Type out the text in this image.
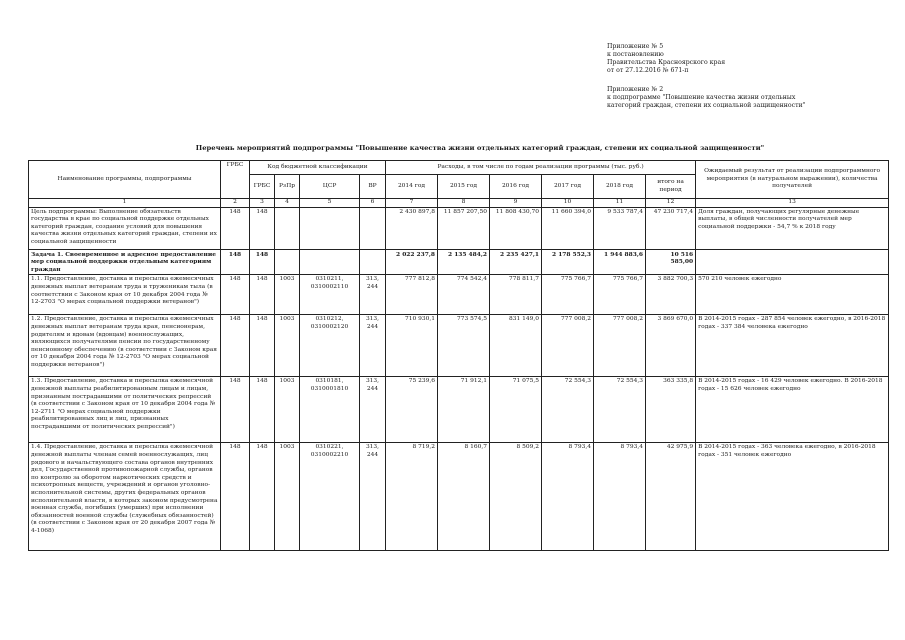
Приложение № 5
к постановлению
Правительства Красноярского края
от от 27.12.2016 № 671-п
Приложение № 2
к подпрограмме "Повышение качества жизни отдельных
категорий граждан, степени их социальной защищенности"
Перечень мероприятий подпрограммы "Повышение качества жизни отдельных категорий граждан, степени их социальной защищенности"
Наименование программы, подпрограммы	ГРБС	Код бюджетной классификации				Расходы, в том числе по годам реализации программы (тыс. руб.)						Ожидаемый результат от реализации подпрограммного мероприятия (в натуральном выражении), количества получателей
		ГРБС	РзПр	ЦСР	ВР	2014 год	2015 год	2016 год	2017 год	2018 год	итого на период	
1	2	3	4	5	6	7	8	9	10	11	12	13
Цель подпрограммы: Выполнение обязательств государства в крае по социальной поддержке отдельных категорий граждан, создание условий для повышения качества жизни отдельных категорий граждан, степени их социальной защищенности	148	148				2 430 897,8	11 857 207,50	11 808 430,70	11 660 394,0	9 533 787,4	47 230 717,4	Доля граждан, получающих регулярные денежные выплаты, в общей численности получателей мер социальной поддержки - 54,7 % к 2018 году
Задача 1. Своевременное и адресное предоставление мер социальной поддержки отдельным категориям граждан	148	148				2 022 237,8	2 135 484,2	2 235 427,1	2 178 552,3	1 944 883,6	10 516 585,00	
1.1. Предоставление, доставка и пересылка ежемесячных денежных выплат ветеранам труда и труженикам тыла (в соответствии с Законом края от 10 декабря 2004 года № 12-2703 "О мерах социальной поддержки ветеранов")	148	148	1003	0310211, 0310002110	313, 244	777 812,8	774 542,4	778 811,7	775 766,7	775 766,7	3 882 700,3	570 210 человек ежегодно
1.2. Предоставление, доставка и пересылка ежемесячных денежных выплат ветеранам труда края, пенсионерам, родителям и вдовам (вдовцам) военнослужащих, являющихся получателями пенсии по государственному пенсионному обеспечению (в соответствии с Законом края от 10 декабря 2004 года № 12-2703 "О мерах социальной поддержки ветеранов")	148	148	1003	0310212, 0310002120	313, 244	710 930,1	773 574,5	831 149,0	777 008,2	777 008,2	3 869 670,0	В 2014-2015 годах - 287 854 человек ежегодно, в 2016-2018 годах - 337 384 человека ежегодно
1.3. Предоставление, доставка и пересылка ежемесячной денежной выплаты реабилитированным лицам и лицам, признанным пострадавшими от политических репрессий (в соответствии с Законом края от 10 декабря 2004 года № 12-2711 "О мерах социальной поддержки реабилитированных лиц и лиц, признанных пострадавшими от политических репрессий")	148	148	1003	0310181, 0310001810	313, 244	75 239,6	71 912,1	71 075,5	72 554,3	72 554,3	363 335,8	В 2014-2015 годах - 16 429 человек ежегодно. В 2016-2018 годах - 15 626 человек ежегодно
1.4. Предоставление, доставка и пересылка ежемесячной денежной выплаты членам семей военнослужащих, лиц рядового и начальствующего состава органов внутренних дел, Государственной противопожарной службы, органов по контролю за оборотом наркотических средств и психотропных веществ, учреждений и органов уголовно-исполнительной системы, других федеральных органов исполнительной власти, в которых законом предусмотрена военная служба, погибших (умерших) при исполнении обязанностей военной службы (служебных обязанностей) (в соответствии с Законом края от 20 декабря 2007 года № 4-1068)	148	148	1003	0310221, 0310002210	313, 244	8 719,2	8 160,7	8 509,2	8 793,4	8 793,4	42 975,9	В 2014-2015 годах - 363 человека ежегодно, в 2016-2018 годах - 351 человек ежегодно
